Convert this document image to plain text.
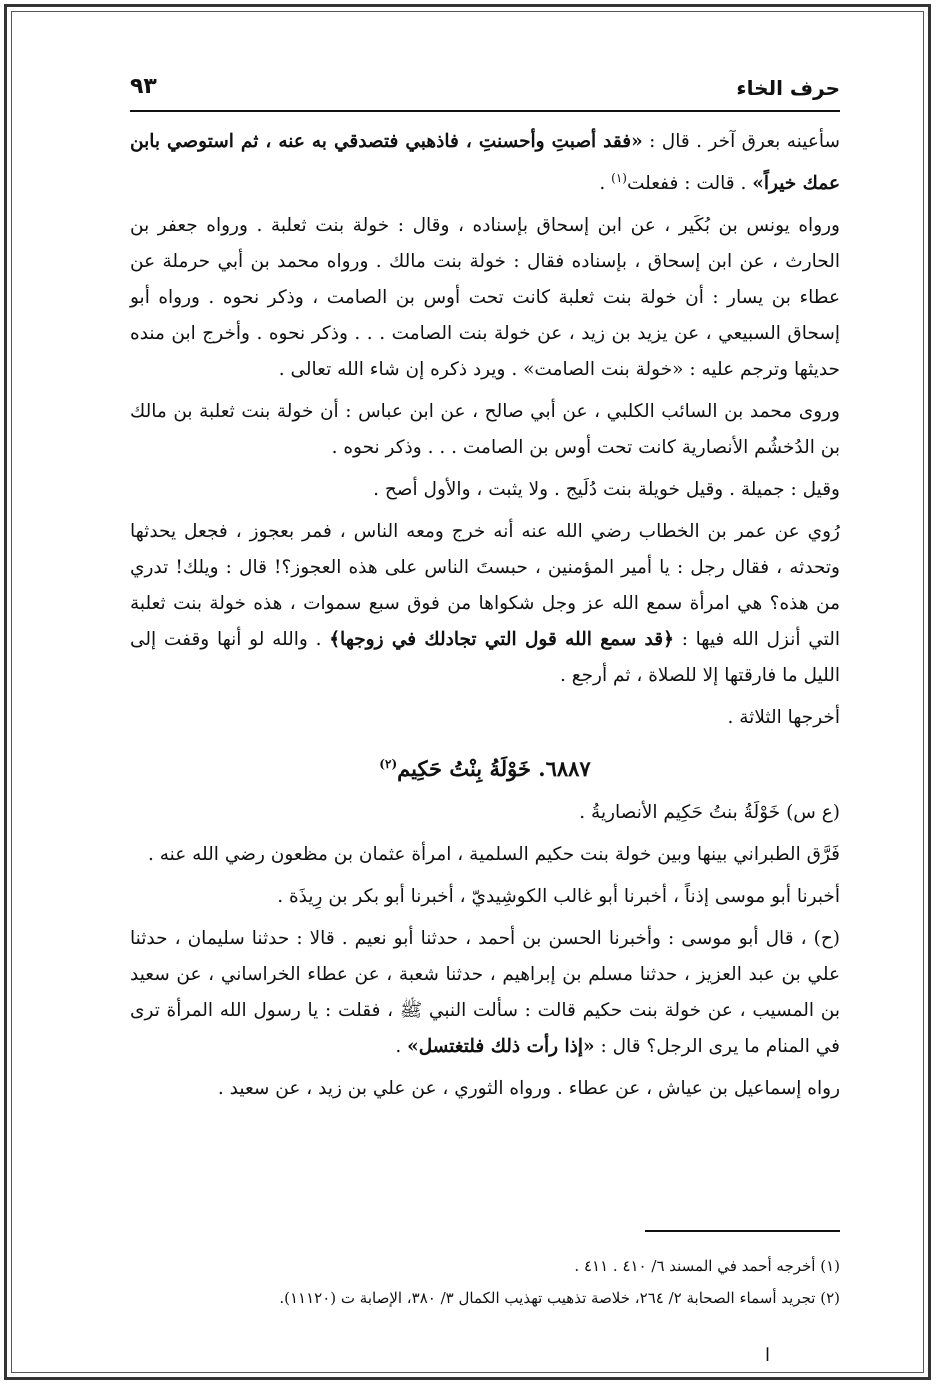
حرف الخاء
٩٣

سأعينه بعرق آخر . قال : «فقد أصبتِ وأحسنتِ ، فاذهبي فتصدقي به عنه ، ثم استوصي بابن عمك خيراً» . قالت : ففعلت$^{(١)}$ .

ورواه يونس بن بُكَير ، عن ابن إسحاق بإسناده ، وقال : خولة بنت ثعلبة . ورواه جعفر بن الحارث ، عن ابن إسحاق ، بإسناده فقال : خولة بنت مالك . ورواه محمد بن أبي حرملة عن عطاء بن يسار : أن خولة بنت ثعلبة كانت تحت أوس بن الصامت ، وذكر نحوه . ورواه أبو إسحاق السبيعي ، عن يزيد بن زيد ، عن خولة بنت الصامت . . . وذكر نحوه . وأخرج ابن منده حديثها وترجم عليه : «خولة بنت الصامت» . ويرد ذكره إن شاء الله تعالى .

وروى محمد بن السائب الكلبي ، عن أبي صالح ، عن ابن عباس : أن خولة بنت ثعلبة بن مالك بن الدُخشُم الأنصارية كانت تحت أوس بن الصامت . . . وذكر نحوه .

وقيل : جميلة . وقيل خويلة بنت دُلَيج . ولا يثبت ، والأول أصح .

رُوي عن عمر بن الخطاب رضي الله عنه أنه خرج ومعه الناس ، فمر بعجوز ، فجعل يحدثها وتحدثه ، فقال رجل : يا أمير المؤمنين ، حبستَ الناس على هذه العجوز؟! قال : ويلك! تدري من هذه؟ هي امرأة سمع الله عز وجل شكواها من فوق سبع سموات ، هذه خولة بنت ثعلبة التي أنزل الله فيها : ﴿قد سمع الله قول التي تجادلك في زوجها﴾ . والله لو أنها وقفت إلى الليل ما فارقتها إلا للصلاة ، ثم أرجع .

أخرجها الثلاثة .

٦٨٨٧. خَوْلَةُ بِنْتُ حَكِيم$^{(٢)}$

(ع س) خَوْلَةُ بنتُ حَكِيم الأنصاريةُ .

فَرَّق الطبراني بينها وبين خولة بنت حكيم السلمية ، امرأة عثمان بن مظعون رضي الله عنه .

أخبرنا أبو موسى إذناً ، أخبرنا أبو غالب الكوشِيديّ ، أخبرنا أبو بكر بن رِيذَة .

(ح) ، قال أبو موسى : وأخبرنا الحسن بن أحمد ، حدثنا أبو نعيم . قالا : حدثنا سليمان ، حدثنا علي بن عبد العزيز ، حدثنا مسلم بن إبراهيم ، حدثنا شعبة ، عن عطاء الخراساني ، عن سعيد بن المسيب ، عن خولة بنت حكيم قالت : سألت النبي ﷺ ، فقلت : يا رسول الله المرأة ترى في المنام ما يرى الرجل؟ قال : «إذا رأت ذلك فلتغتسل» .

رواه إسماعيل بن عياش ، عن عطاء . ورواه الثوري ، عن علي بن زيد ، عن سعيد .

(١) أخرجه أحمد في المسند ٦/ ٤١٠ . ٤١١ .

(٢) تجريد أسماء الصحابة ٢/ ٢٦٤، خلاصة تذهيب تهذيب الكمال ٣/ ٣٨٠، الإصابة ت (١١١٢٠).

ا
